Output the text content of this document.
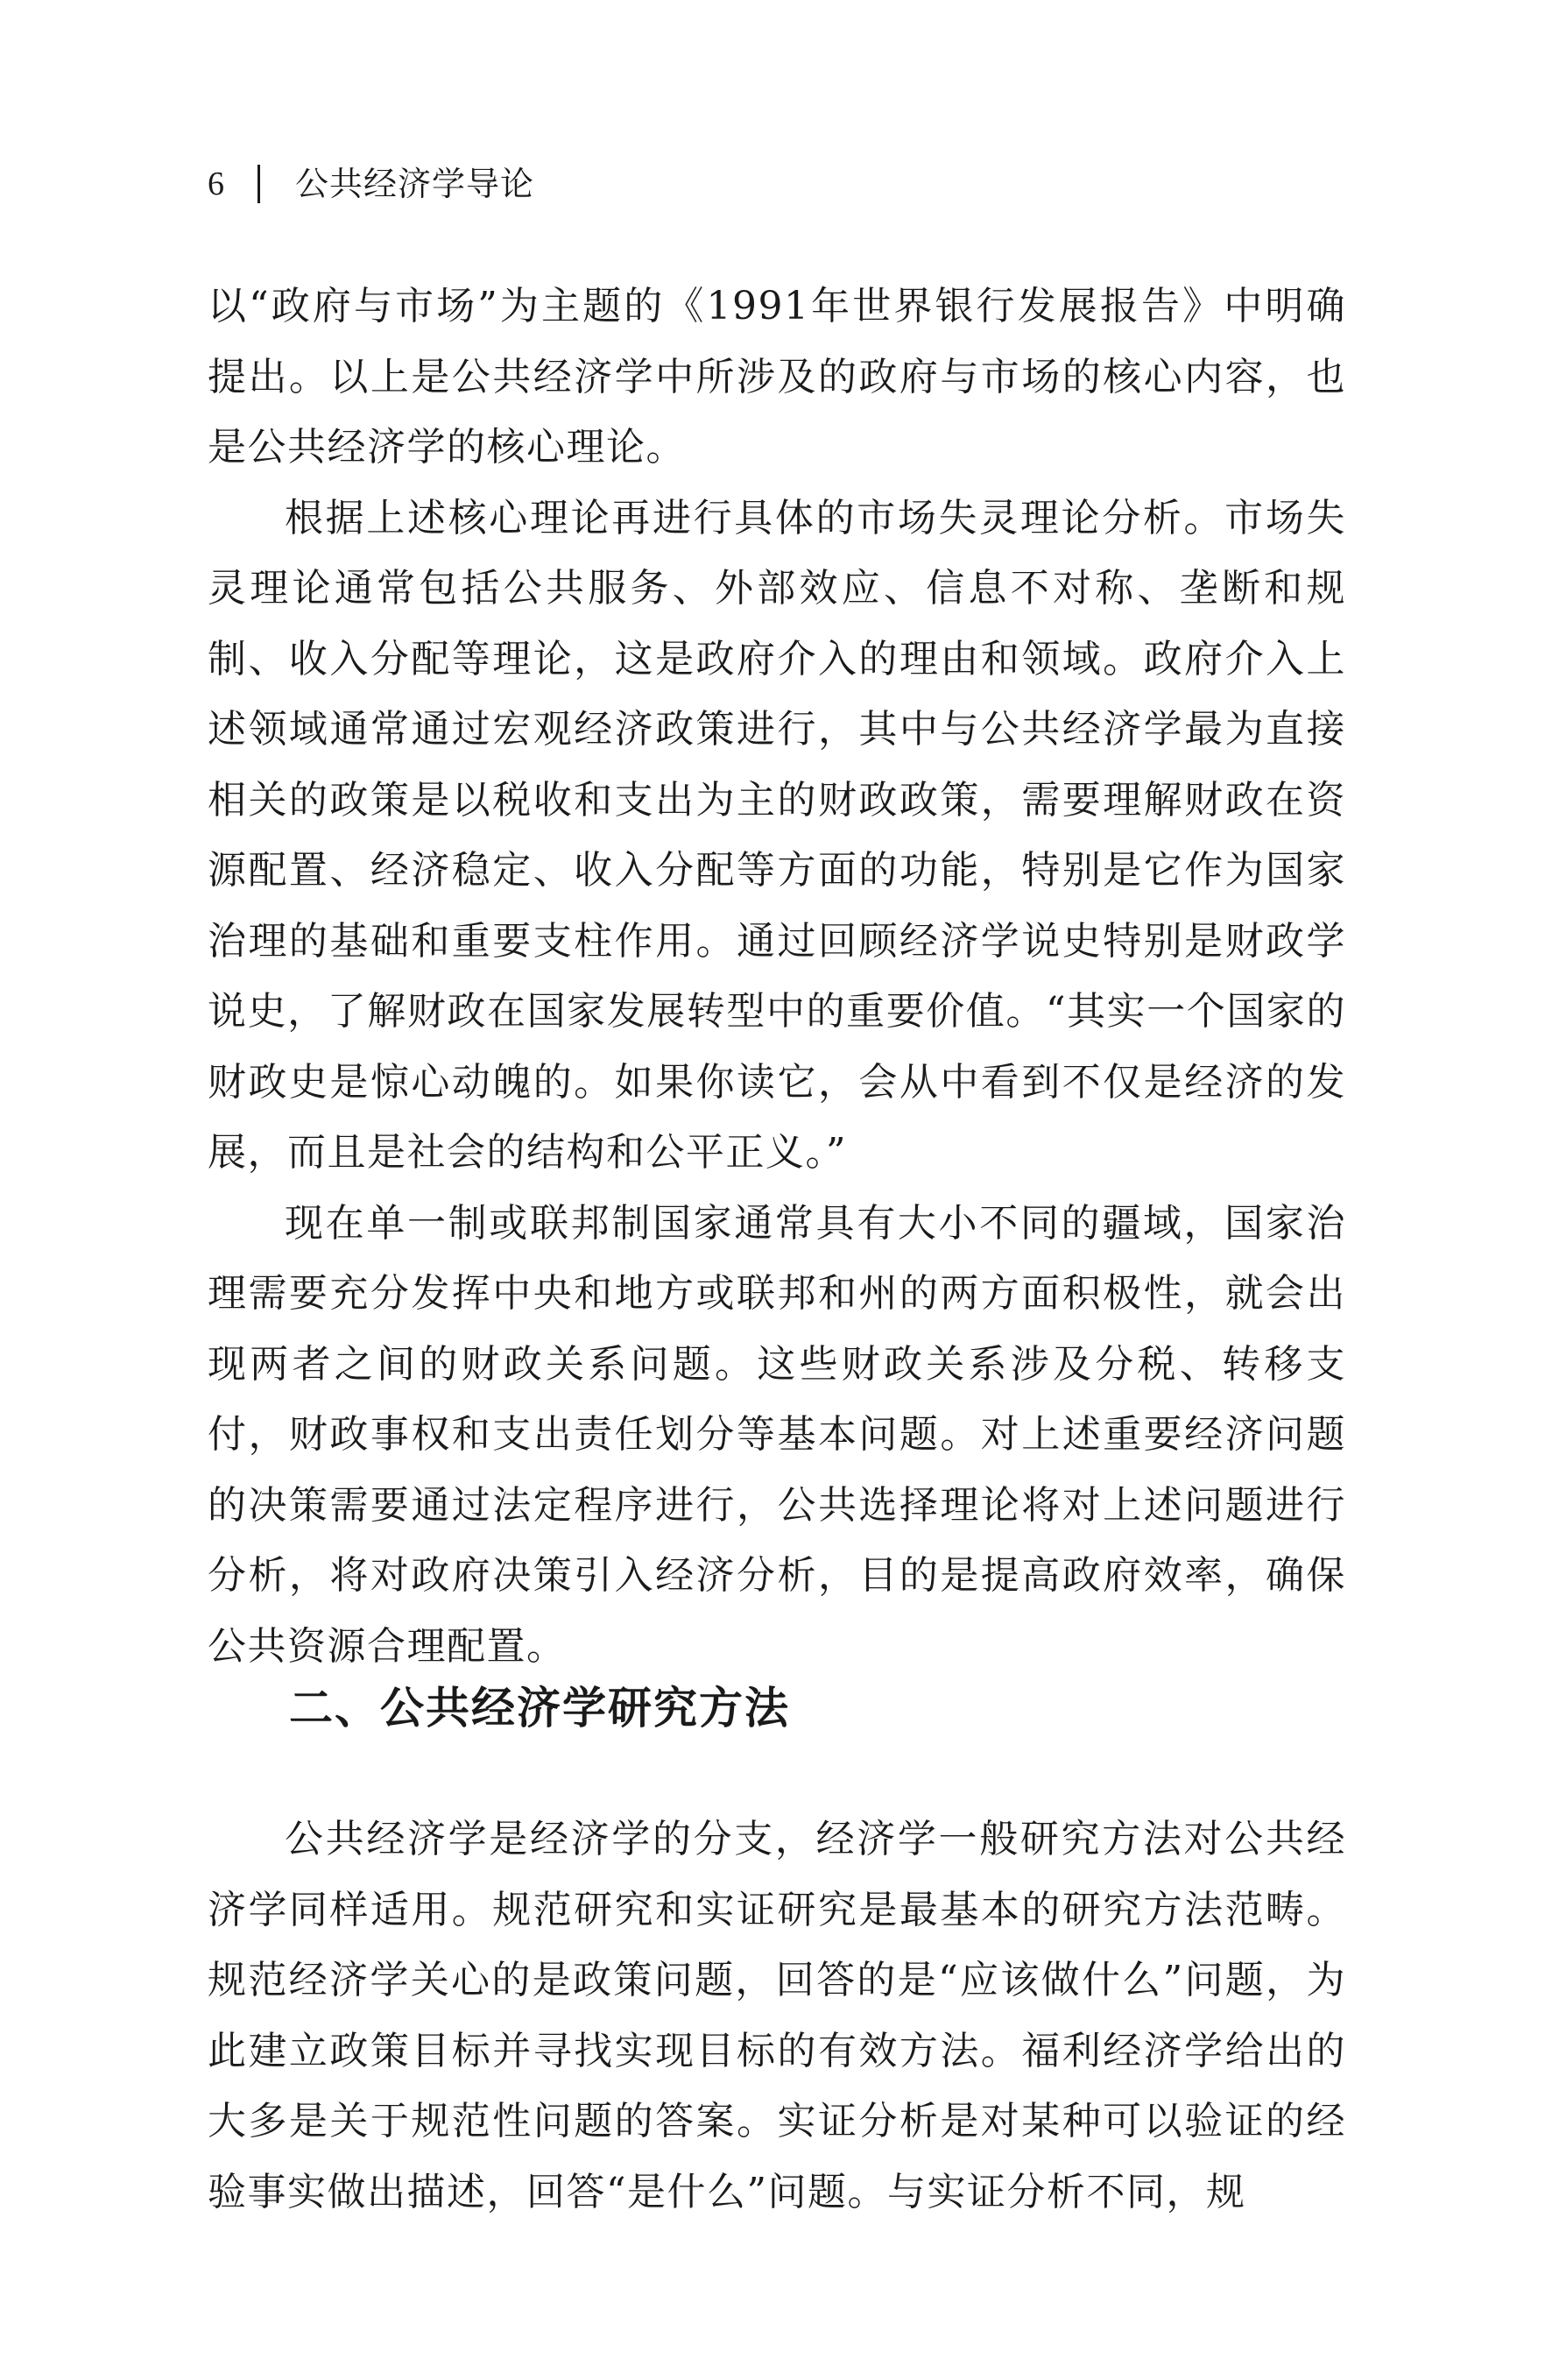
6 公共经济学导论

以“政府与市场”为主题的《1991年世界银行发展报告》中明确提出。以上是公共经济学中所涉及的政府与市场的核心内容，也是公共经济学的核心理论。

根据上述核心理论再进行具体的市场失灵理论分析。市场失灵理论通常包括公共服务、外部效应、信息不对称、垄断和规制、收入分配等理论，这是政府介入的理由和领域。政府介入上述领域通常通过宏观经济政策进行，其中与公共经济学最为直接相关的政策是以税收和支出为主的财政政策，需要理解财政在资源配置、经济稳定、收入分配等方面的功能，特别是它作为国家治理的基础和重要支柱作用。通过回顾经济学说史特别是财政学说史，了解财政在国家发展转型中的重要价值。“其实一个国家的财政史是惊心动魄的。如果你读它，会从中看到不仅是经济的发展，而且是社会的结构和公平正义。”

现在单一制或联邦制国家通常具有大小不同的疆域，国家治理需要充分发挥中央和地方或联邦和州的两方面积极性，就会出现两者之间的财政关系问题。这些财政关系涉及分税、转移支付，财政事权和支出责任划分等基本问题。对上述重要经济问题的决策需要通过法定程序进行，公共选择理论将对上述问题进行分析，将对政府决策引入经济分析，目的是提高政府效率，确保公共资源合理配置。

二、公共经济学研究方法

公共经济学是经济学的分支，经济学一般研究方法对公共经济学同样适用。规范研究和实证研究是最基本的研究方法范畴。规范经济学关心的是政策问题，回答的是“应该做什么”问题，为此建立政策目标并寻找实现目标的有效方法。福利经济学给出的大多是关于规范性问题的答案。实证分析是对某种可以验证的经验事实做出描述，回答“是什么”问题。与实证分析不同，规
